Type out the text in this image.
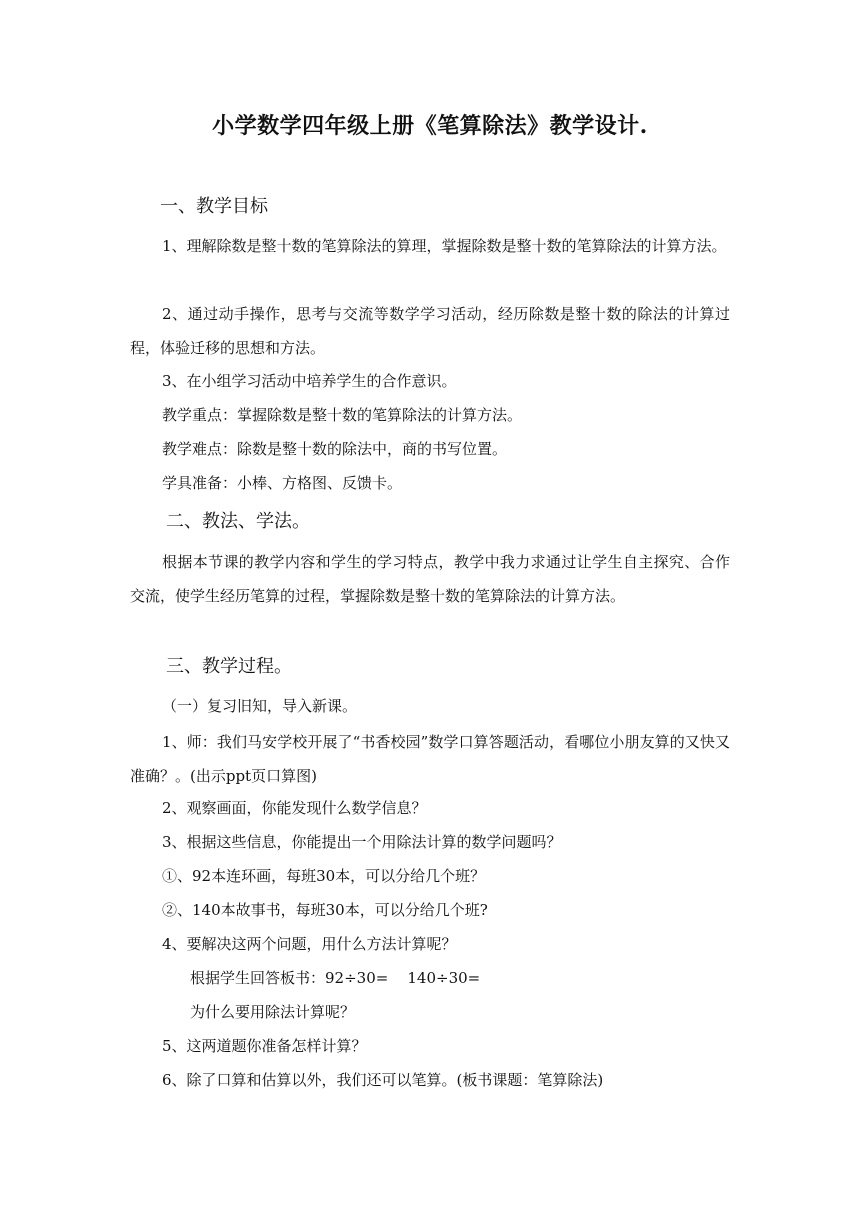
小学数学四年级上册《笔算除法》教学设计.
一、教学目标

1、理解除数是整十数的笔算除法的算理，掌握除数是整十数的笔算除法的计算方法。

2、通过动手操作，思考与交流等数学学习活动，经历除数是整十数的除法的计算过程，体验迁移的思想和方法。

3、在小组学习活动中培养学生的合作意识。
教学重点：掌握除数是整十数的笔算除法的计算方法。
教学难点：除数是整十数的除法中，商的书写位置。
学具准备：小棒、方格图、反馈卡。
二、教法、学法。

根据本节课的教学内容和学生的学习特点，教学中我力求通过让学生自主探究、合作交流，使学生经历笔算的过程，掌握除数是整十数的笔算除法的计算方法。

三、教学过程。
（一）复习旧知，导入新课。

1、师：我们马安学校开展了“书香校园”数学口算答题活动，看哪位小朋友算的又快又准确？。(出示ppt页口算图)

2、观察画面，你能发现什么数学信息？
3、根据这些信息，你能提出一个用除法计算的数学问题吗？
①、92本连环画，每班30本，可以分给几个班？
②、140本故事书，每班30本，可以分给几个班?
4、要解决这两个问题，用什么方法计算呢？
根据学生回答板书：92÷30=    140÷30=
为什么要用除法计算呢？
5、这两道题你准备怎样计算？
6、除了口算和估算以外，我们还可以笔算。(板书课题：笔算除法)
